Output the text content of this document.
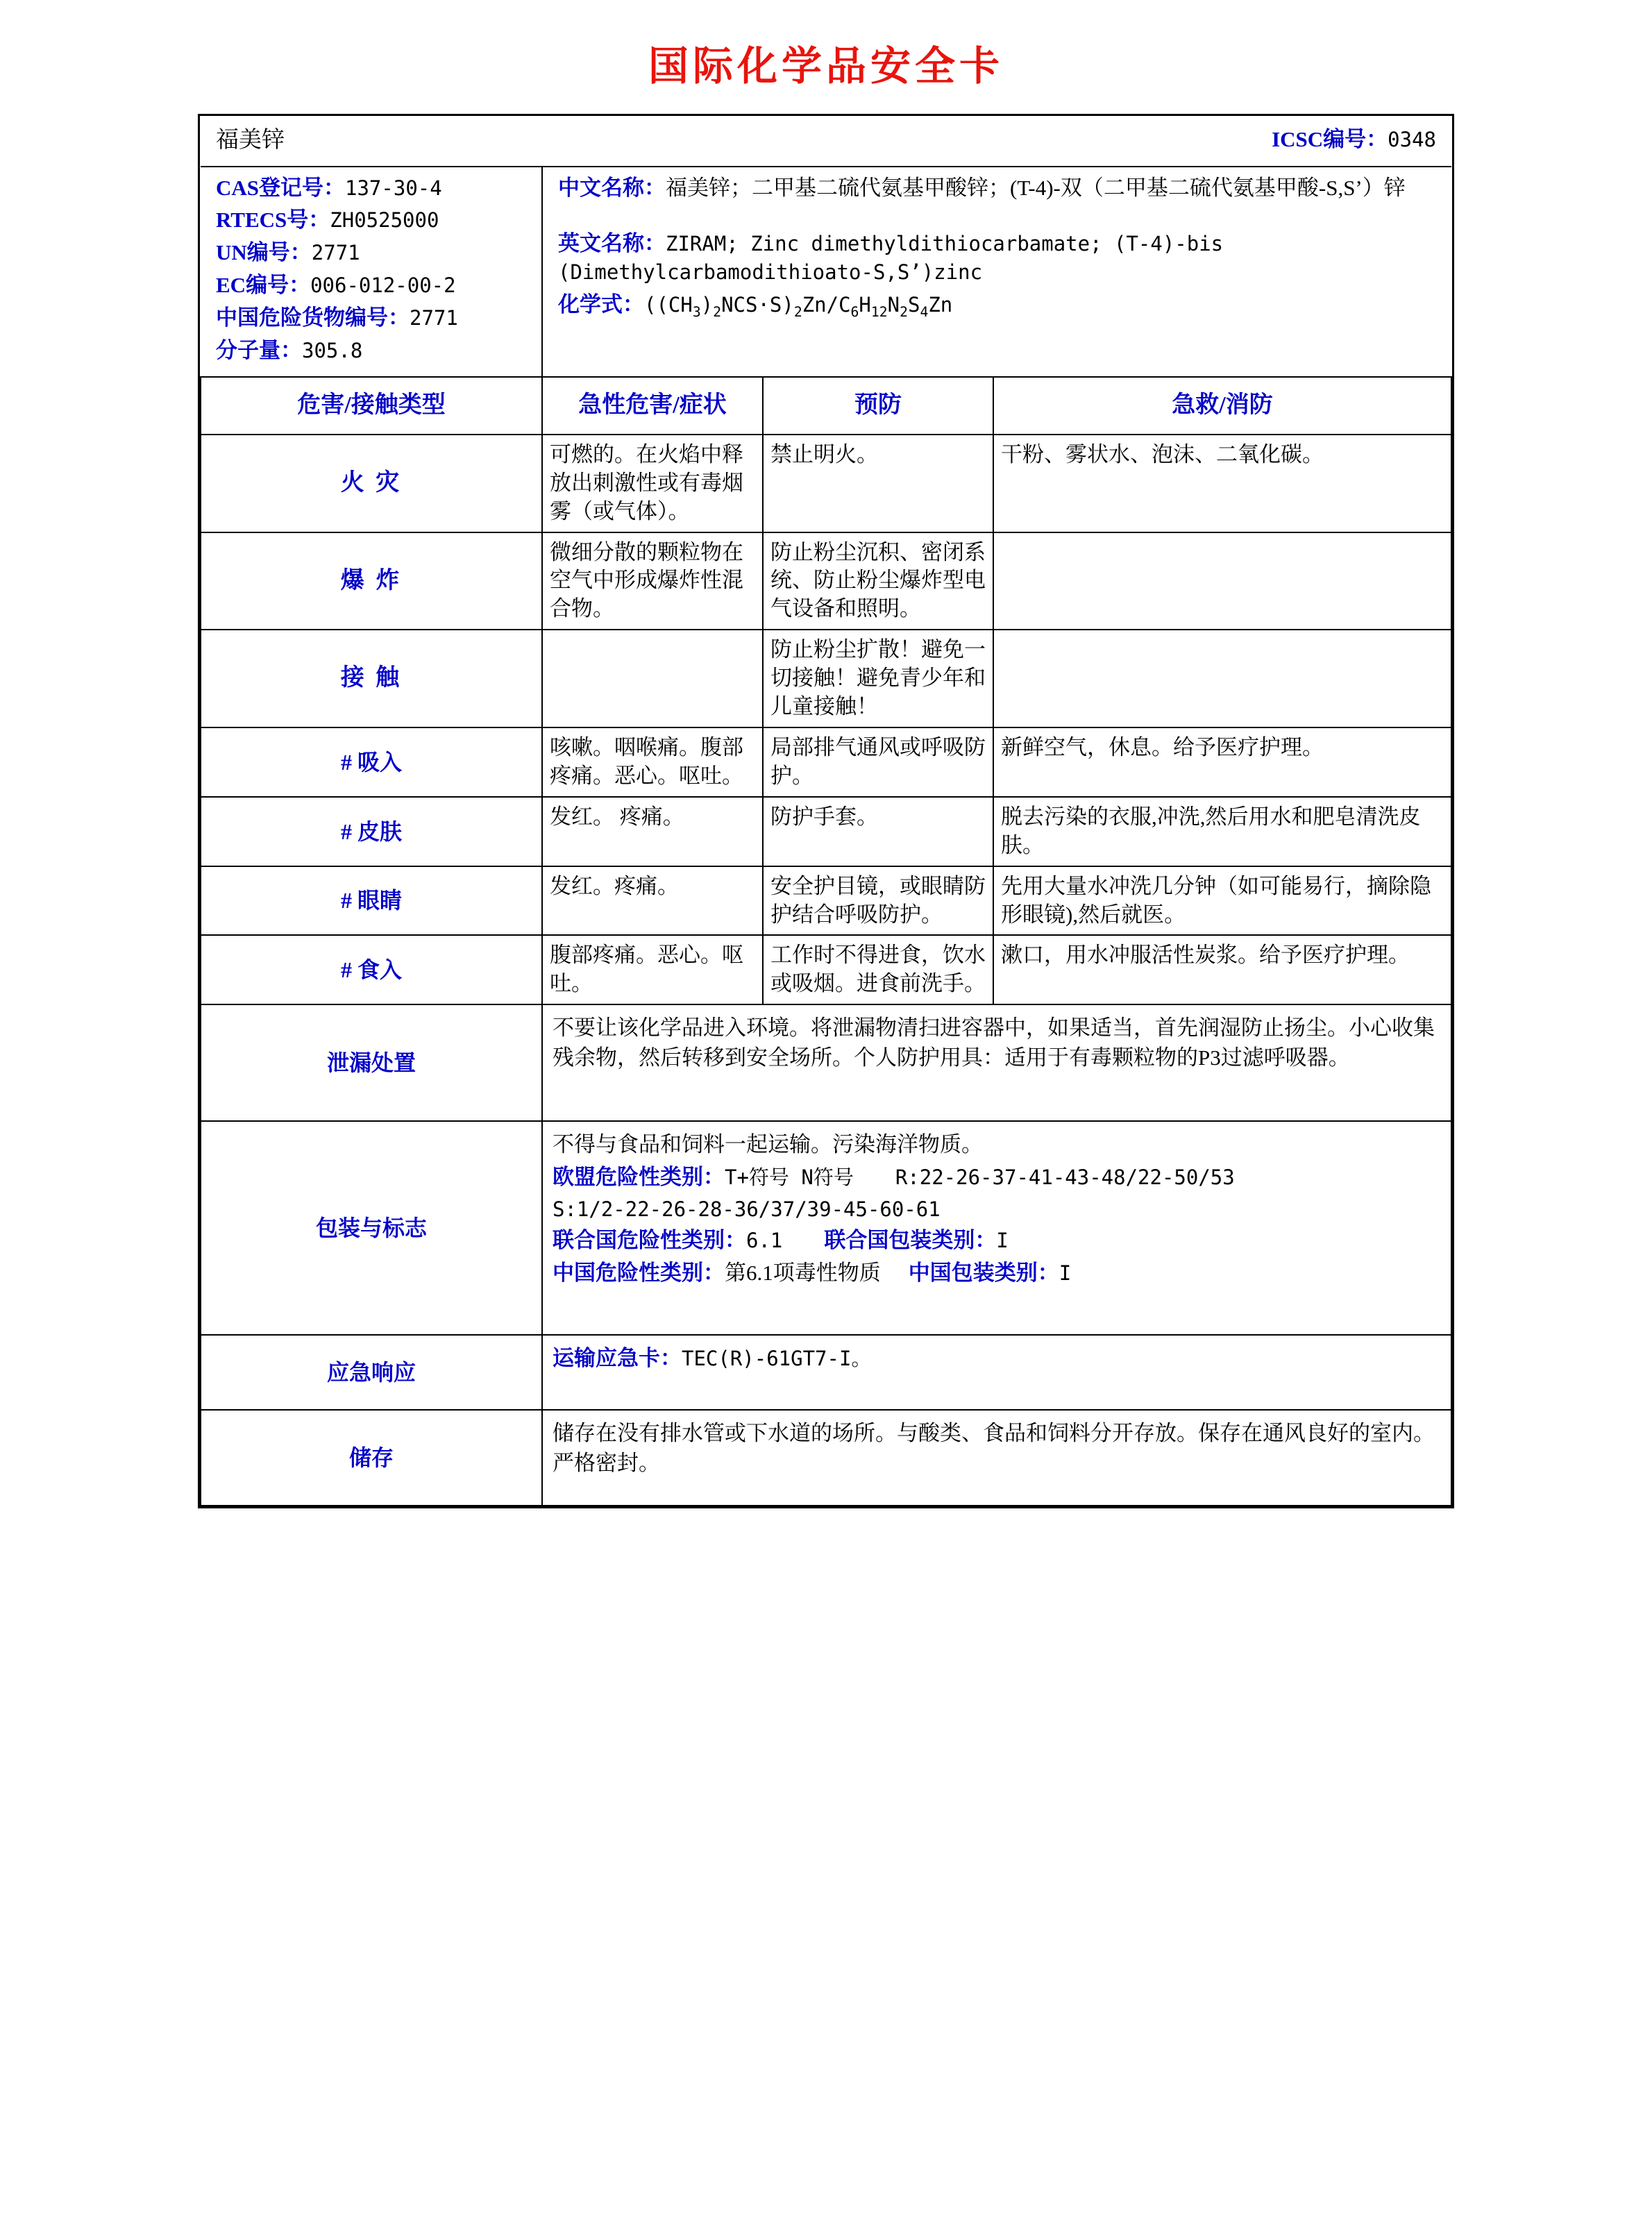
国际化学品安全卡
福美锌		ICSC编号：0348	

CAS登记号：137-30-4
RTECS号：ZH0525000
UN编号：2771
EC编号：006-012-00-2
中国危险货物编号：2771
分子量：305.8

中文名称：福美锌；二甲基二硫代氨基甲酸锌；(T-4)-双（二甲基二硫代氨基甲酸-S,S’）锌
英文名称：ZIRAM; Zinc dimethyldithiocarbamate; (T-4)-bis (Dimethylcarbamodithioato-S,S’)zinc
化学式：$((CH_3)_2NCS\cdot S)_2Zn/C_6H_{12}N_2S_4Zn$

危害/接触类型	急性危害/症状	预防	急救/消防
火 灾	可燃的。在火焰中释放出刺激性或有毒烟雾（或气体）。	禁止明火。	干粉、雾状水、泡沫、二氧化碳。
爆 炸	微细分散的颗粒物在空气中形成爆炸性混合物。	防止粉尘沉积、密闭系统、防止粉尘爆炸型电气设备和照明。	
接 触		防止粉尘扩散！避免一切接触！避免青少年和儿童接触！	
# 吸入	咳嗽。咽喉痛。腹部疼痛。恶心。呕吐。	局部排气通风或呼吸防护。	新鲜空气，休息。给予医疗护理。
# 皮肤	发红。 疼痛。	防护手套。	脱去污染的衣服,冲洗,然后用水和肥皂清洗皮肤。
# 眼睛	发红。疼痛。	安全护目镜，或眼睛防护结合呼吸防护。	先用大量水冲洗几分钟（如可能易行，摘除隐形眼镜),然后就医。
# 食入	腹部疼痛。恶心。呕吐。	工作时不得进食，饮水或吸烟。进食前洗手。	漱口，用水冲服活性炭浆。给予医疗护理。
泄漏处置	不要让该化学品进入环境。将泄漏物清扫进容器中，如果适当，首先润湿防止扬尘。小心收集残余物，然后转移到安全场所。个人防护用具：适用于有毒颗粒物的P3过滤呼吸器。		
包装与标志	不得与食品和饲料一起运输。污染海洋物质。
欧盟危险性类别：T+符号 N符号 R:22-26-37-41-43-48/22-50/53
S:1/2-22-26-28-36/37/39-45-60-61
联合国危险性类别：6.1 联合国包装类别：I
中国危险性类别：第6.1项毒性物质 中国包装类别：I		

应急响应	运输应急卡：TEC(R)-61GT7-I。		
储存	储存在没有排水管或下水道的场所。与酸类、食品和饲料分开存放。保存在通风良好的室内。严格密封。		
